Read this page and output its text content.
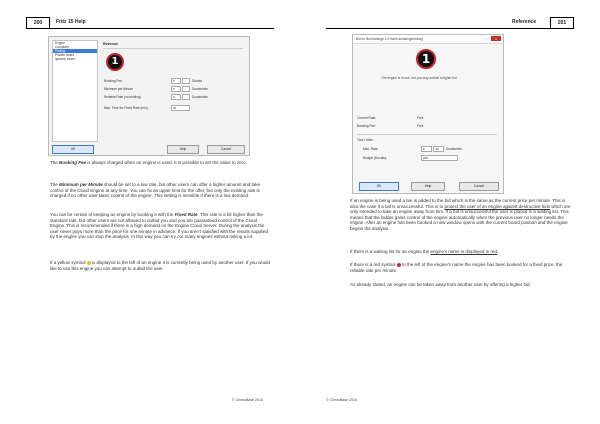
200	Fritz 15 Help
Engine
Computer
Pricing
Private Users
Ignored Users
Revenue
1
Booking Fee	0	Ducats
Minimum per Minute	0	Ducats/min
Reliable Rate (no bidding)	0	Ducats/min
Max. Time for Fixed Rate (min)	30
OK	Help	Cancel

The Booking Fee is always charged when an engine is used. It is possible to set the value to zero.

The Minimum per Minute should be set to a low rate, but other users can offer a higher amount and take control of the Cloud Engine at any time. You can fix an upper limit for the offer, but only the existing rate is charged if no other user takes control of the engine. This setting is sensible if there is a low demand.

You can be certain of keeping an engine by booking it with the Fixed Rate. This rate is a bit higher than the standard rate, but other users are not allowed to outbid you and you are guaranteed control of the Cloud Engine. This is recommended if there is a high demand on the Engine Cloud Server. During the analysis the user never pays more than the price for one minute in advance. If you aren't satisfied with the results supplied by the engine you can stop the analysis. In this way you can try out many engines without risking a lot.

If a yellow symbol  is displayed to the left of an engine it is currently being used by another user. If you would like to use this engine you can attempt to outbid the user.

© ChessBase 2015
Reference	201
Bid for Brechstange 2.0 Ilweh-schaengenbärzig	–	×
1
The engine is in use, but you may submit a higher bid
Current Rate:	Free
Booking Fee:	Free
Your Limits:
Max. Rate:	0	,32	Ducats/min
Budget (Ducats):	268
OK	Help	Cancel

If an engine is being used a fee is added to the bid which is the same as the current price per minute. This is also the case if a bid is unsuccessful. This is to protect the user of an engine against destructive bids which are only intended to take an engine away from him. If a bid is unsuccessful the user is placed in a waiting list. This means that the bidder gains control of the engine automatically when the previous user no longer needs the engine. After an engine has been booked a new window opens with the current board position and the engine begins the analysis.

If there is a waiting list for an engine the engine's name is displayed in red.

If there is a red symbol  to the left of the engine's name the engine has been booked for a fixed price, the reliable rate per minute.

As already stated, an engine can be taken away from another user by offering a higher bid.

© ChessBase 2015
